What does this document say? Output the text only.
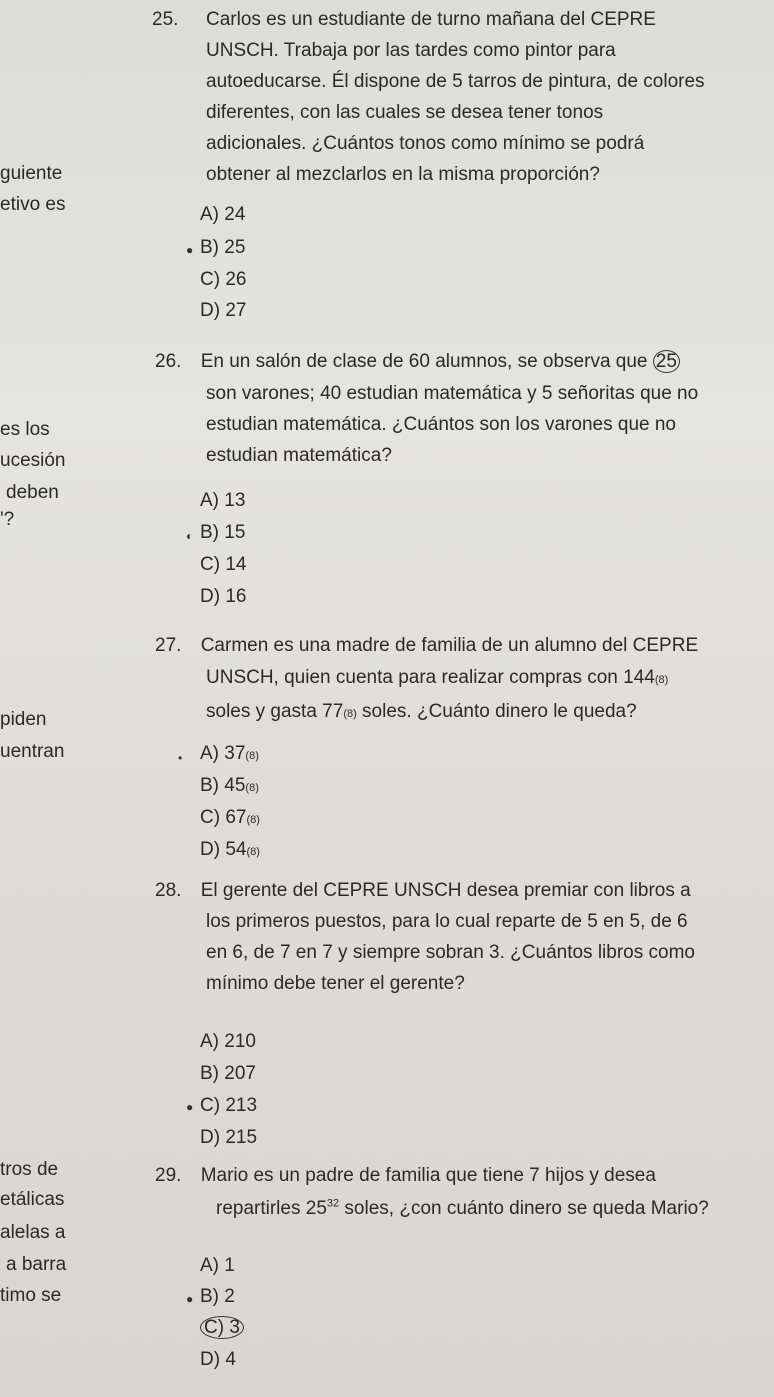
guiente
etivo es
es los
ucesión
deben
'?
piden
uentran
tros de
etálicas
alelas a
a barra
timo se
25.	Carlos es un estudiante de turno mañana del CEPRE
UNSCH. Trabaja por las tardes como pintor para
autoeducarse. Él dispone de 5 tarros de pintura, de colores
diferentes, con las cuales se desea tener tonos
adicionales. ¿Cuántos tonos como mínimo se podrá
obtener al mezclarlos en la misma proporción?
A) 24
● B) 25
C) 26
D) 27
26. En un salón de clase de 60 alumnos, se observa que 25
son varones; 40 estudian matemática y 5 señoritas que no
estudian matemática. ¿Cuántos son los varones que no
estudian matemática?
A) 13
◐ B) 15
C) 14
D) 16
27. Carmen es una madre de familia de un alumno del CEPRE
UNSCH, quien cuenta para realizar compras con 144(8)
soles y gasta 77(8) soles. ¿Cuánto dinero le queda?
• A) 37(8)
B) 45(8)
C) 67(8)
D) 54(8)
28. El gerente del CEPRE UNSCH desea premiar con libros a
los primeros puestos, para lo cual reparte de 5 en 5, de 6
en 6, de 7 en 7 y siempre sobran 3. ¿Cuántos libros como
mínimo debe tener el gerente?
A) 210
B) 207
● C) 213
D) 215
29. Mario es un padre de familia que tiene 7 hijos y desea
repartirles $25^{32}$ soles, ¿con cuánto dinero se queda Mario?
A) 1
● B) 2
C) 3
D) 4
